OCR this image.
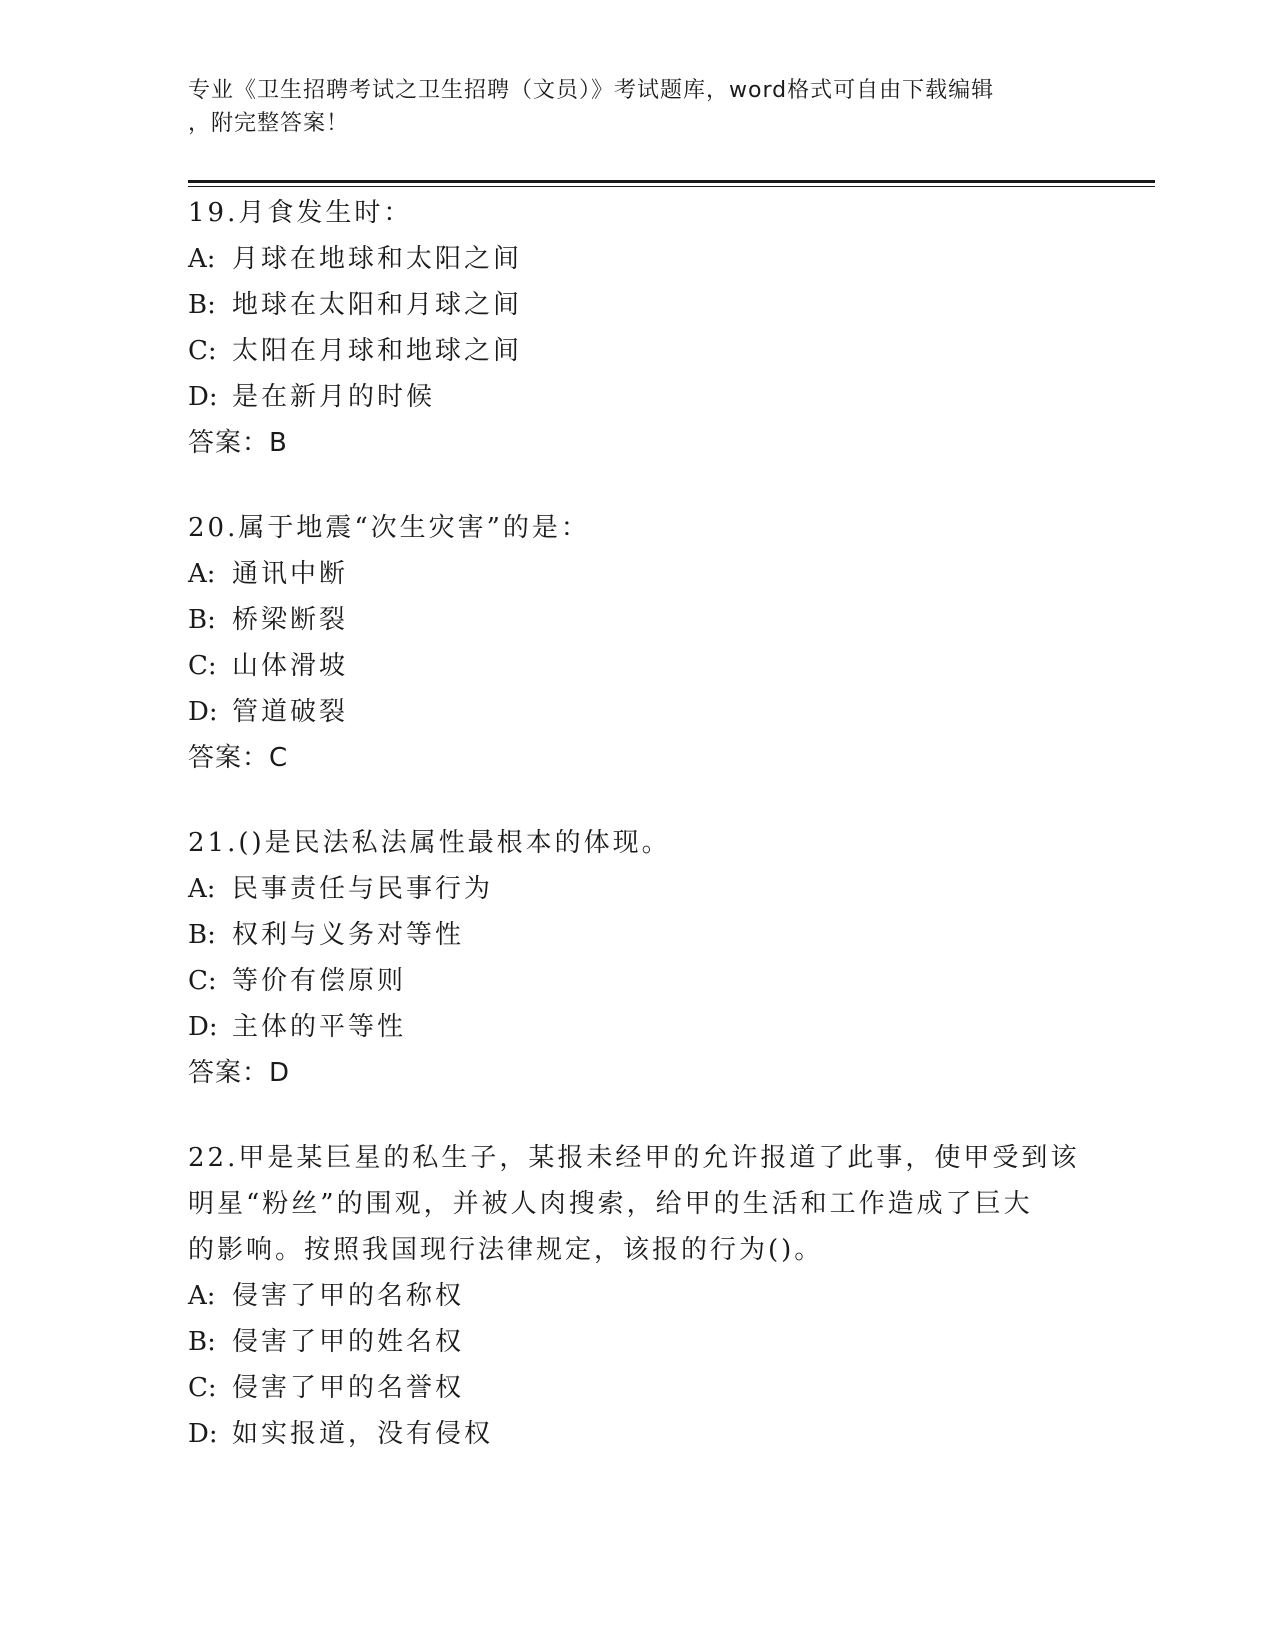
专业《卫生招聘考试之卫生招聘（文员）》考试题库，word格式可自由下载编辑
，附完整答案！
19.月食发生时：
A: 月球在地球和太阳之间
B: 地球在太阳和月球之间
C: 太阳在月球和地球之间
D: 是在新月的时候
答案：B
20.属于地震“次生灾害”的是：
A: 通讯中断
B: 桥梁断裂
C: 山体滑坡
D: 管道破裂
答案：C
21.()是民法私法属性最根本的体现。
A: 民事责任与民事行为
B: 权利与义务对等性
C: 等价有偿原则
D: 主体的平等性
答案：D
22.甲是某巨星的私生子，某报未经甲的允许报道了此事，使甲受到该
明星“粉丝”的围观，并被人肉搜索，给甲的生活和工作造成了巨大
的影响。按照我国现行法律规定，该报的行为()。
A: 侵害了甲的名称权
B: 侵害了甲的姓名权
C: 侵害了甲的名誉权
D: 如实报道，没有侵权
